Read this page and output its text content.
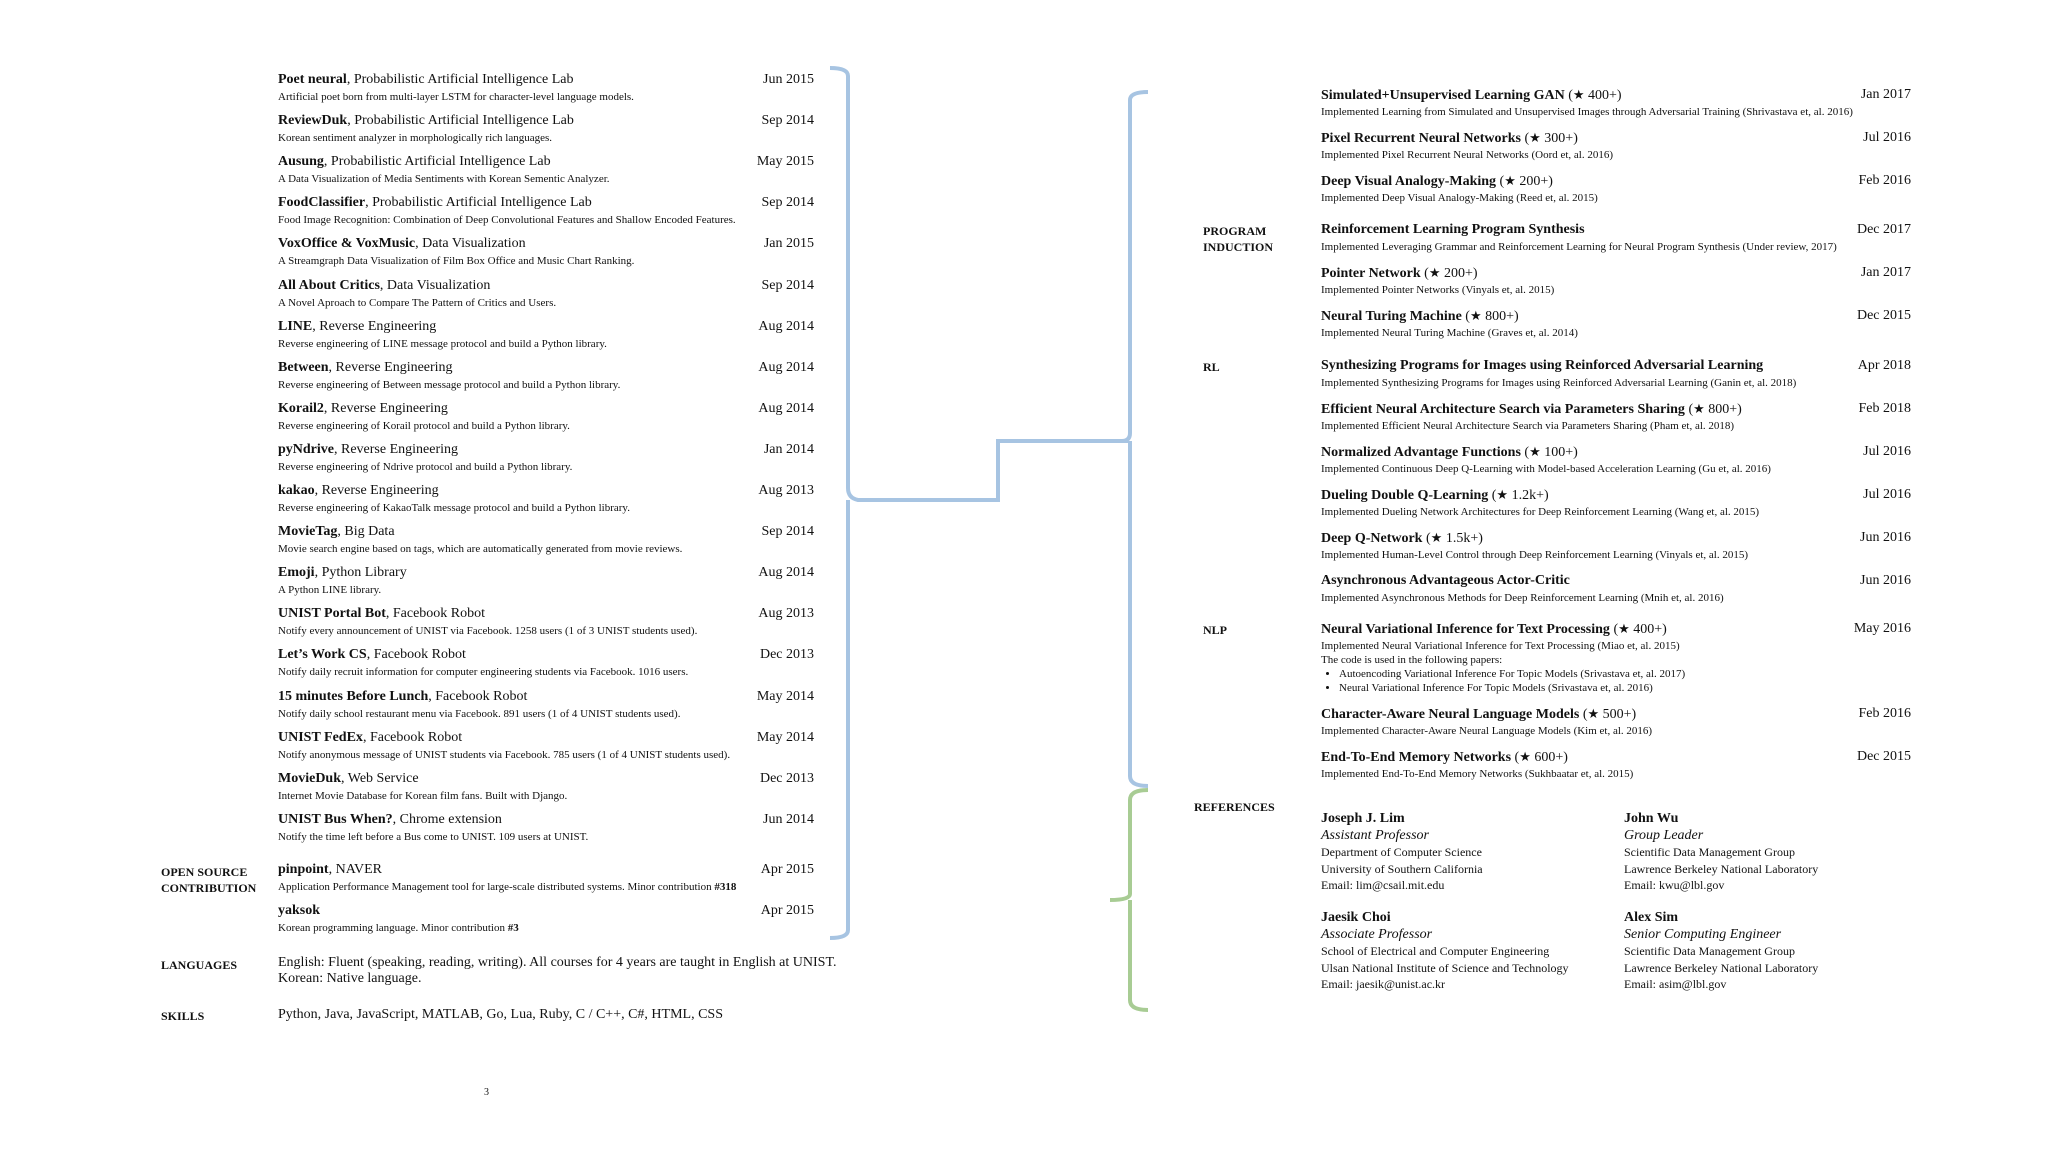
Poet neural, Probabilistic Artificial Intelligence Lab	Jun 2015
Artificial poet born from multi-layer LSTM for character-level language models.
ReviewDuk, Probabilistic Artificial Intelligence Lab	Sep 2014
Korean sentiment analyzer in morphologically rich languages.
Ausung, Probabilistic Artificial Intelligence Lab	May 2015
A Data Visualization of Media Sentiments with Korean Sementic Analyzer.
FoodClassifier, Probabilistic Artificial Intelligence Lab	Sep 2014
Food Image Recognition: Combination of Deep Convolutional Features and Shallow Encoded Features.
VoxOffice & VoxMusic, Data Visualization	Jan 2015
A Streamgraph Data Visualization of Film Box Office and Music Chart Ranking.
All About Critics, Data Visualization	Sep 2014
A Novel Aproach to Compare The Pattern of Critics and Users.
LINE, Reverse Engineering	Aug 2014
Reverse engineering of LINE message protocol and build a Python library.
Between, Reverse Engineering	Aug 2014
Reverse engineering of Between message protocol and build a Python library.
Korail2, Reverse Engineering	Aug 2014
Reverse engineering of Korail protocol and build a Python library.
pyNdrive, Reverse Engineering	Jan 2014
Reverse engineering of Ndrive protocol and build a Python library.
kakao, Reverse Engineering	Aug 2013
Reverse engineering of KakaoTalk message protocol and build a Python library.
MovieTag, Big Data	Sep 2014
Movie search engine based on tags, which are automatically generated from movie reviews.
Emoji, Python Library	Aug 2014
A Python LINE library.
UNIST Portal Bot, Facebook Robot	Aug 2013
Notify every announcement of UNIST via Facebook. 1258 users (1 of 3 UNIST students used).
Let’s Work CS, Facebook Robot	Dec 2013
Notify daily recruit information for computer engineering students via Facebook. 1016 users.
15 minutes Before Lunch, Facebook Robot	May 2014
Notify daily school restaurant menu via Facebook. 891 users (1 of 4 UNIST students used).
UNIST FedEx, Facebook Robot	May 2014
Notify anonymous message of UNIST students via Facebook. 785 users (1 of 4 UNIST students used).
MovieDuk, Web Service	Dec 2013
Internet Movie Database for Korean film fans. Built with Django.
UNIST Bus When?, Chrome extension	Jun 2014
Notify the time left before a Bus come to UNIST. 109 users at UNIST.
OPEN SOURCE
CONTRIBUTION
pinpoint, NAVER	Apr 2015
Application Performance Management tool for large-scale distributed systems. Minor contribution #318
yaksok	Apr 2015
Korean programming language. Minor contribution #3
LANGUAGES	English: Fluent (speaking, reading, writing). All courses for 4 years are taught in English at UNIST.
Korean: Native language.
SKILLS	Python, Java, JavaScript, MATLAB, Go, Lua, Ruby, C / C++, C#, HTML, CSS
3
PROGRAM
INDUCTION
RL
NLP
REFERENCES
Simulated+Unsupervised Learning GAN (★ 400+)	Jan 2017
Implemented Learning from Simulated and Unsupervised Images through Adversarial Training (Shrivastava et, al. 2016)
Pixel Recurrent Neural Networks (★ 300+)	Jul 2016
Implemented Pixel Recurrent Neural Networks (Oord et, al. 2016)
Deep Visual Analogy-Making (★ 200+)	Feb 2016
Implemented Deep Visual Analogy-Making (Reed et, al. 2015)
Reinforcement Learning Program Synthesis	Dec 2017
Implemented Leveraging Grammar and Reinforcement Learning for Neural Program Synthesis (Under review, 2017)
Pointer Network (★ 200+)	Jan 2017
Implemented Pointer Networks (Vinyals et, al. 2015)
Neural Turing Machine (★ 800+)	Dec 2015
Implemented Neural Turing Machine (Graves et, al. 2014)
Synthesizing Programs for Images using Reinforced Adversarial Learning	Apr 2018
Implemented Synthesizing Programs for Images using Reinforced Adversarial Learning (Ganin et, al. 2018)
Efficient Neural Architecture Search via Parameters Sharing (★ 800+)	Feb 2018
Implemented Efficient Neural Architecture Search via Parameters Sharing (Pham et, al. 2018)
Normalized Advantage Functions (★ 100+)	Jul 2016
Implemented Continuous Deep Q-Learning with Model-based Acceleration Learning (Gu et, al. 2016)
Dueling Double Q-Learning (★ 1.2k+)	Jul 2016
Implemented Dueling Network Architectures for Deep Reinforcement Learning (Wang et, al. 2015)
Deep Q-Network (★ 1.5k+)	Jun 2016
Implemented Human-Level Control through Deep Reinforcement Learning (Vinyals et, al. 2015)
Asynchronous Advantageous Actor-Critic	Jun 2016
Implemented Asynchronous Methods for Deep Reinforcement Learning (Mnih et, al. 2016)
Character-Aware Neural Language Models (★ 500+)	Feb 2016
Implemented Character-Aware Neural Language Models (Kim et, al. 2016)
End-To-End Memory Networks (★ 600+)	Dec 2015
Implemented End-To-End Memory Networks (Sukhbaatar et, al. 2015)
Neural Variational Inference for Text Processing (★ 400+)	May 2016
Implemented Neural Variational Inference for Text Processing (Miao et, al. 2015)
The code is used in the following papers:
• Autoencoding Variational Inference For Topic Models (Srivastava et, al. 2017)
• Neural Variational Inference For Topic Models (Srivastava et, al. 2016)
Joseph J. Lim
Assistant Professor
Department of Computer Science
University of Southern California
Email: lim@csail.mit.edu
John Wu
Group Leader
Scientific Data Management Group
Lawrence Berkeley National Laboratory
Email: kwu@lbl.gov
Jaesik Choi
Associate Professor
School of Electrical and Computer Engineering
Ulsan National Institute of Science and Technology
Email: jaesik@unist.ac.kr
Alex Sim
Senior Computing Engineer
Scientific Data Management Group
Lawrence Berkeley National Laboratory
Email: asim@lbl.gov
